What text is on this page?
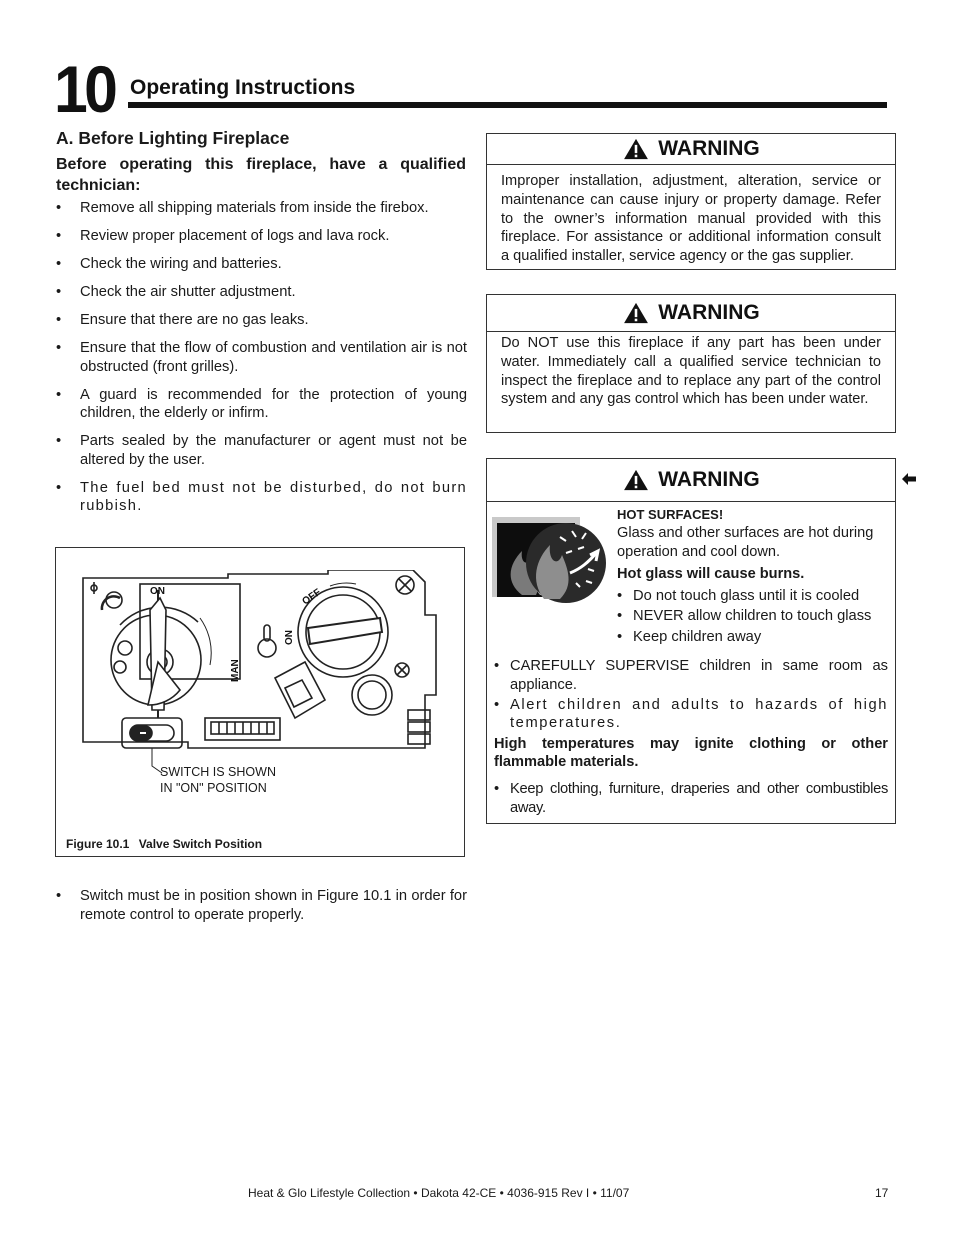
10 Operating Instructions
A. Before Lighting Fireplace
Before operating this fireplace, have a qualified technician:
• Remove all shipping materials from inside the firebox.
• Review proper placement of logs and lava rock.
• Check the wiring and batteries.
• Check the air shutter adjustment.
• Ensure that there are no gas leaks.
• Ensure that the flow of combustion and ventilation air is not obstructed (front grilles).
• A guard is recommended for the protection of young children, the elderly or infirm.
• Parts sealed by the manufacturer or agent must not be altered by the user.
• The fuel bed must not be disturbed, do not burn rubbish.
ON	OFF
ON
MAN
SWITCH IS SHOWN
IN "ON" POSITION
Figure 10.1 Valve Switch Position
• Switch must be in position shown in Figure 10.1 in order for remote control to operate properly.
WARNING
Improper installation, adjustment, alteration, service or maintenance can cause injury or property damage. Refer to the owner’s information manual provided with this fireplace. For assistance or additional information consult a qualified installer, service agency or the gas supplier.
WARNING
Do NOT use this fireplace if any part has been under water. Immediately call a qualified service technician to inspect the fireplace and to replace any part of the control system and any gas control which has been under water.
WARNING
HOT SURFACES!
Glass and other surfaces are hot during operation and cool down.
Hot glass will cause burns.
• Do not touch glass until it is cooled
• NEVER allow children to touch glass
• Keep children away
• CAREFULLY SUPERVISE children in same room as appliance.
• Alert children and adults to hazards of high temperatures.
High temperatures may ignite clothing or other flammable materials.
• Keep clothing, furniture, draperies and other combustibles away.
Heat & Glo Lifestyle Collection • Dakota 42-CE • 4036-915 Rev I • 11/07	17
